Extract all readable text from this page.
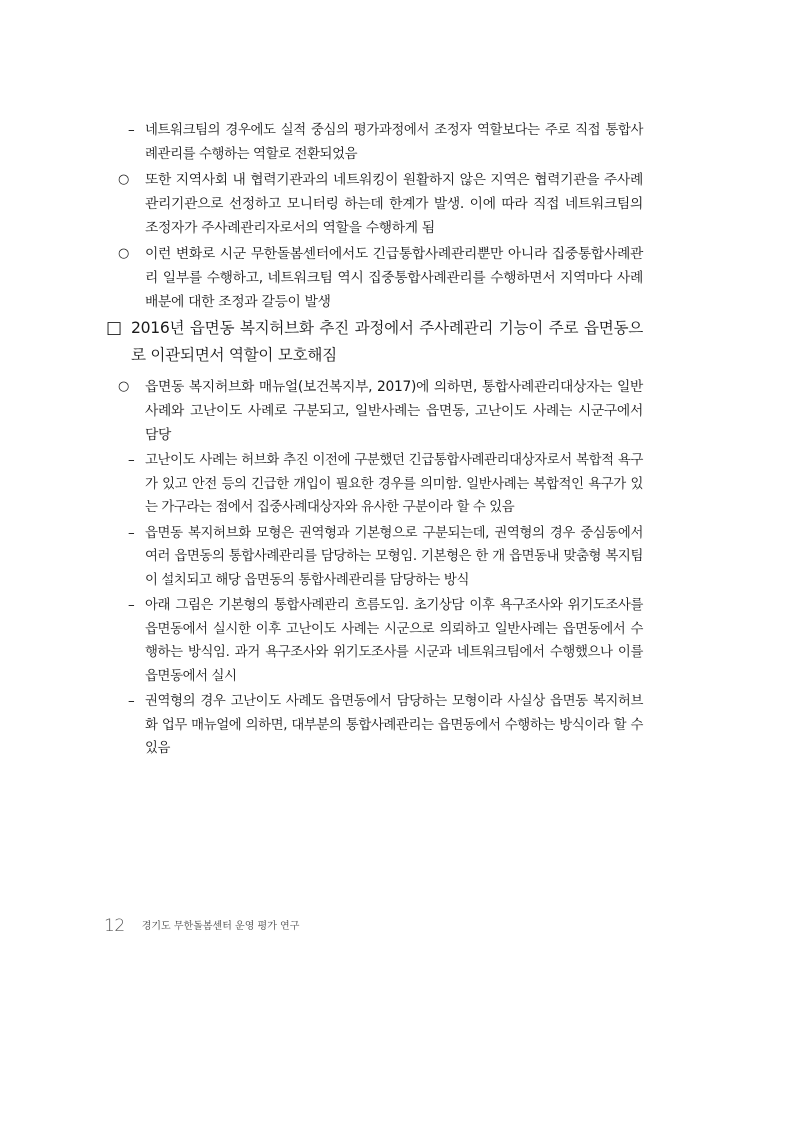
– 네트워크팀의 경우에도 실적 중심의 평가과정에서 조정자 역할보다는 주로 직접 통합사례관리를 수행하는 역할로 전환되었음

○ 또한 지역사회 내 협력기관과의 네트워킹이 원활하지 않은 지역은 협력기관을 주사례관리기관으로 선정하고 모니터링 하는데 한계가 발생. 이에 따라 직접 네트워크팀의 조정자가 주사례관리자로서의 역할을 수행하게 됨

○ 이런 변화로 시군 무한돌봄센터에서도 긴급통합사례관리뿐만 아니라 집중통합사례관리 일부를 수행하고, 네트워크팀 역시 집중통합사례관리를 수행하면서 지역마다 사례배분에 대한 조정과 갈등이 발생

□ 2016년 읍면동 복지허브화 추진 과정에서 주사례관리 기능이 주로 읍면동으로 이관되면서 역할이 모호해짐

○ 읍면동 복지허브화 매뉴얼(보건복지부, 2017)에 의하면, 통합사례관리대상자는 일반사례와 고난이도 사례로 구분되고, 일반사례는 읍면동, 고난이도 사례는 시군구에서 담당

– 고난이도 사례는 허브화 추진 이전에 구분했던 긴급통합사례관리대상자로서 복합적 욕구가 있고 안전 등의 긴급한 개입이 필요한 경우를 의미함. 일반사례는 복합적인 욕구가 있는 가구라는 점에서 집중사례대상자와 유사한 구분이라 할 수 있음

– 읍면동 복지허브화 모형은 권역형과 기본형으로 구분되는데, 권역형의 경우 중심동에서 여러 읍면동의 통합사례관리를 담당하는 모형임. 기본형은 한 개 읍면동내 맞춤형 복지팀이 설치되고 해당 읍면동의 통합사례관리를 담당하는 방식

– 아래 그림은 기본형의 통합사례관리 흐름도임. 초기상담 이후 욕구조사와 위기도조사를 읍면동에서 실시한 이후 고난이도 사례는 시군으로 의뢰하고 일반사례는 읍면동에서 수행하는 방식임. 과거 욕구조사와 위기도조사를 시군과 네트워크팀에서 수행했으나 이를 읍면동에서 실시

– 권역형의 경우 고난이도 사례도 읍면동에서 담당하는 모형이라 사실상 읍면동 복지허브화 업무 매뉴얼에 의하면, 대부분의 통합사례관리는 읍면동에서 수행하는 방식이라 할 수 있음

12 경기도 무한돌봄센터 운영 평가 연구
